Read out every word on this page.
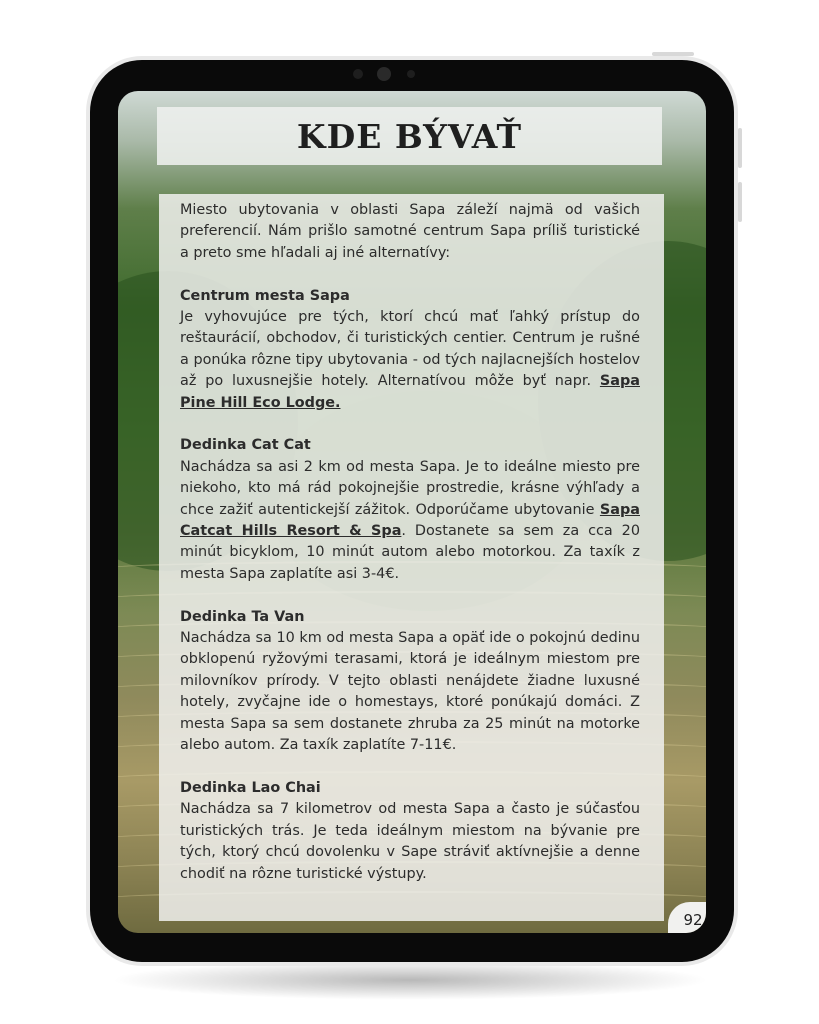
KDE BÝVAŤ

Miesto ubytovania v oblasti Sapa záleží najmä od vašich preferencií. Nám prišlo samotné centrum Sapa príliš turistické a preto sme hľadali aj iné alternatívy:

Centrum mesta Sapa
Je vyhovujúce pre tých, ktorí chcú mať ľahký prístup do reštaurácií, obchodov, či turistických centier. Centrum je rušné a ponúka rôzne tipy ubytovania - od tých najlacnejších hostelov až po luxusnejšie hotely. Alternatívou môže byť napr. Sapa Pine Hill Eco Lodge.

Dedinka Cat Cat
Nachádza sa asi 2 km od mesta Sapa. Je to ideálne miesto pre niekoho, kto má rád pokojnejšie prostredie, krásne výhľady a chce zažiť autentickejší zážitok. Odporúčame ubytovanie Sapa Catcat Hills Resort & Spa. Dostanete sa sem za cca 20 minút bicyklom, 10 minút autom alebo motorkou. Za taxík z mesta Sapa zaplatíte asi 3-4€.

Dedinka Ta Van
Nachádza sa 10 km od mesta Sapa a opäť ide o pokojnú dedinu obklopenú ryžovými terasami, ktorá je ideálnym miestom pre milovníkov prírody. V tejto oblasti nenájdete žiadne luxusné hotely, zvyčajne ide o homestays, ktoré ponúkajú domáci. Z mesta Sapa sa sem dostanete zhruba za 25 minút na motorke alebo autom. Za taxík zaplatíte 7-11€.

Dedinka Lao Chai
Nachádza sa 7 kilometrov od mesta Sapa a často je súčasťou turistických trás. Je teda ideálnym miestom na bývanie pre tých, ktorý chcú dovolenku v Sape stráviť aktívnejšie a denne chodiť na rôzne turistické výstupy.

92
